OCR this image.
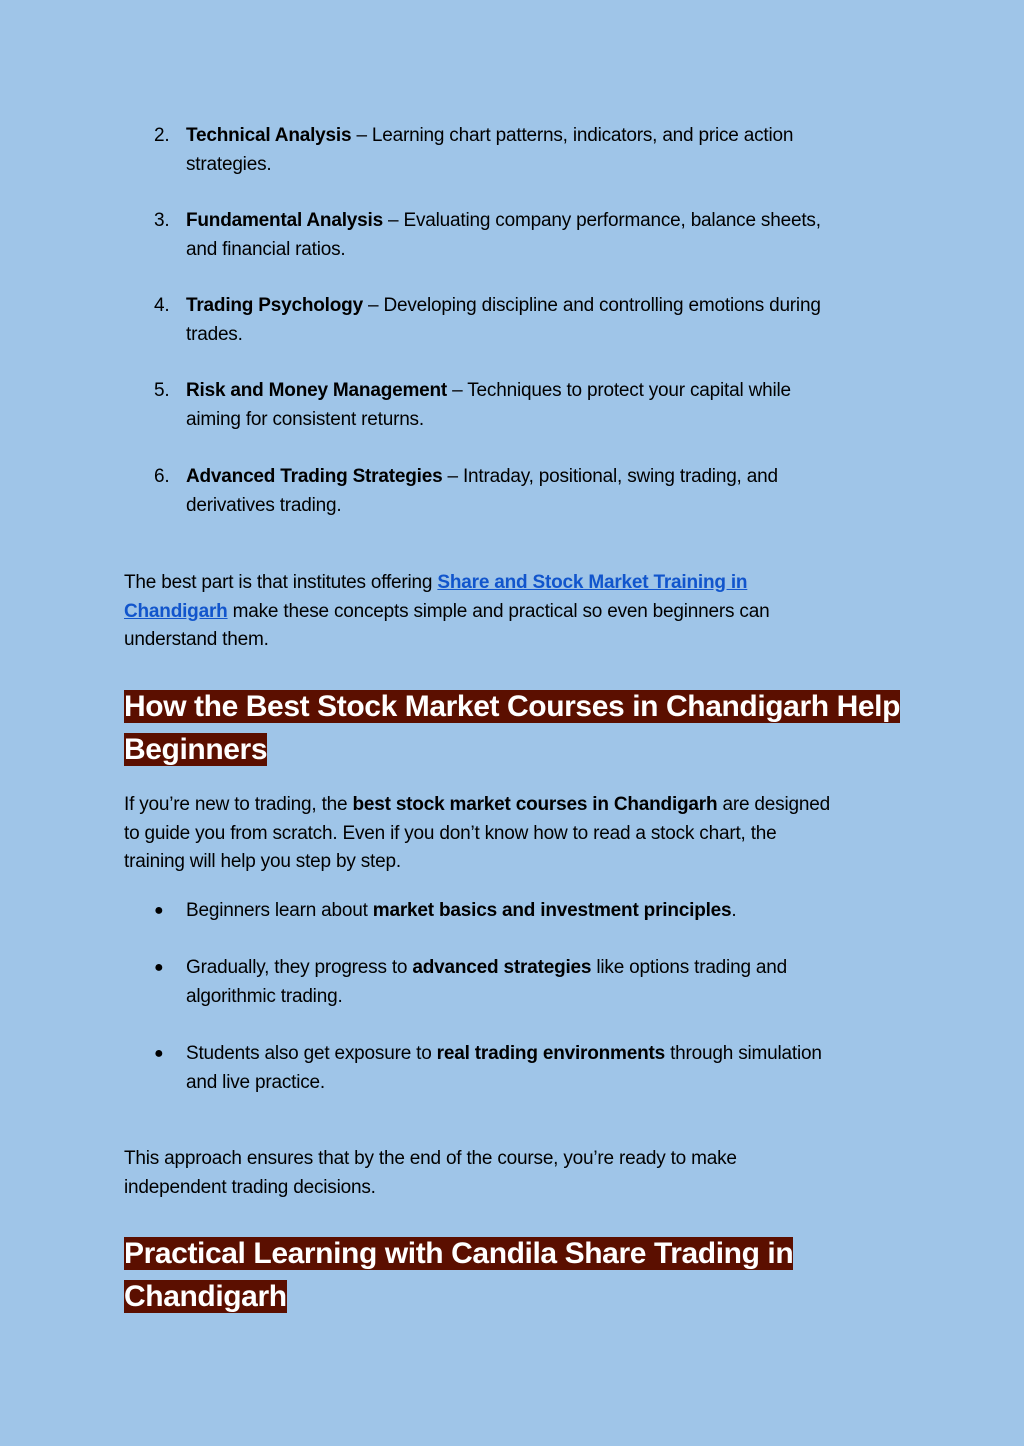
2. Technical Analysis – Learning chart patterns, indicators, and price action
strategies.
3. Fundamental Analysis – Evaluating company performance, balance sheets,
and financial ratios.
4. Trading Psychology – Developing discipline and controlling emotions during
trades.
5. Risk and Money Management – Techniques to protect your capital while
aiming for consistent returns.
6. Advanced Trading Strategies – Intraday, positional, swing trading, and
derivatives trading.
The best part is that institutes offering Share and Stock Market Training in
Chandigarh make these concepts simple and practical so even beginners can
understand them.
How the Best Stock Market Courses in Chandigarh Help
Beginners
If you’re new to trading, the best stock market courses in Chandigarh are designed
to guide you from scratch. Even if you don’t know how to read a stock chart, the
training will help you step by step.
● Beginners learn about market basics and investment principles.
● Gradually, they progress to advanced strategies like options trading and
algorithmic trading.
● Students also get exposure to real trading environments through simulation
and live practice.
This approach ensures that by the end of the course, you’re ready to make
independent trading decisions.
Practical Learning with Candila Share Trading in
Chandigarh
